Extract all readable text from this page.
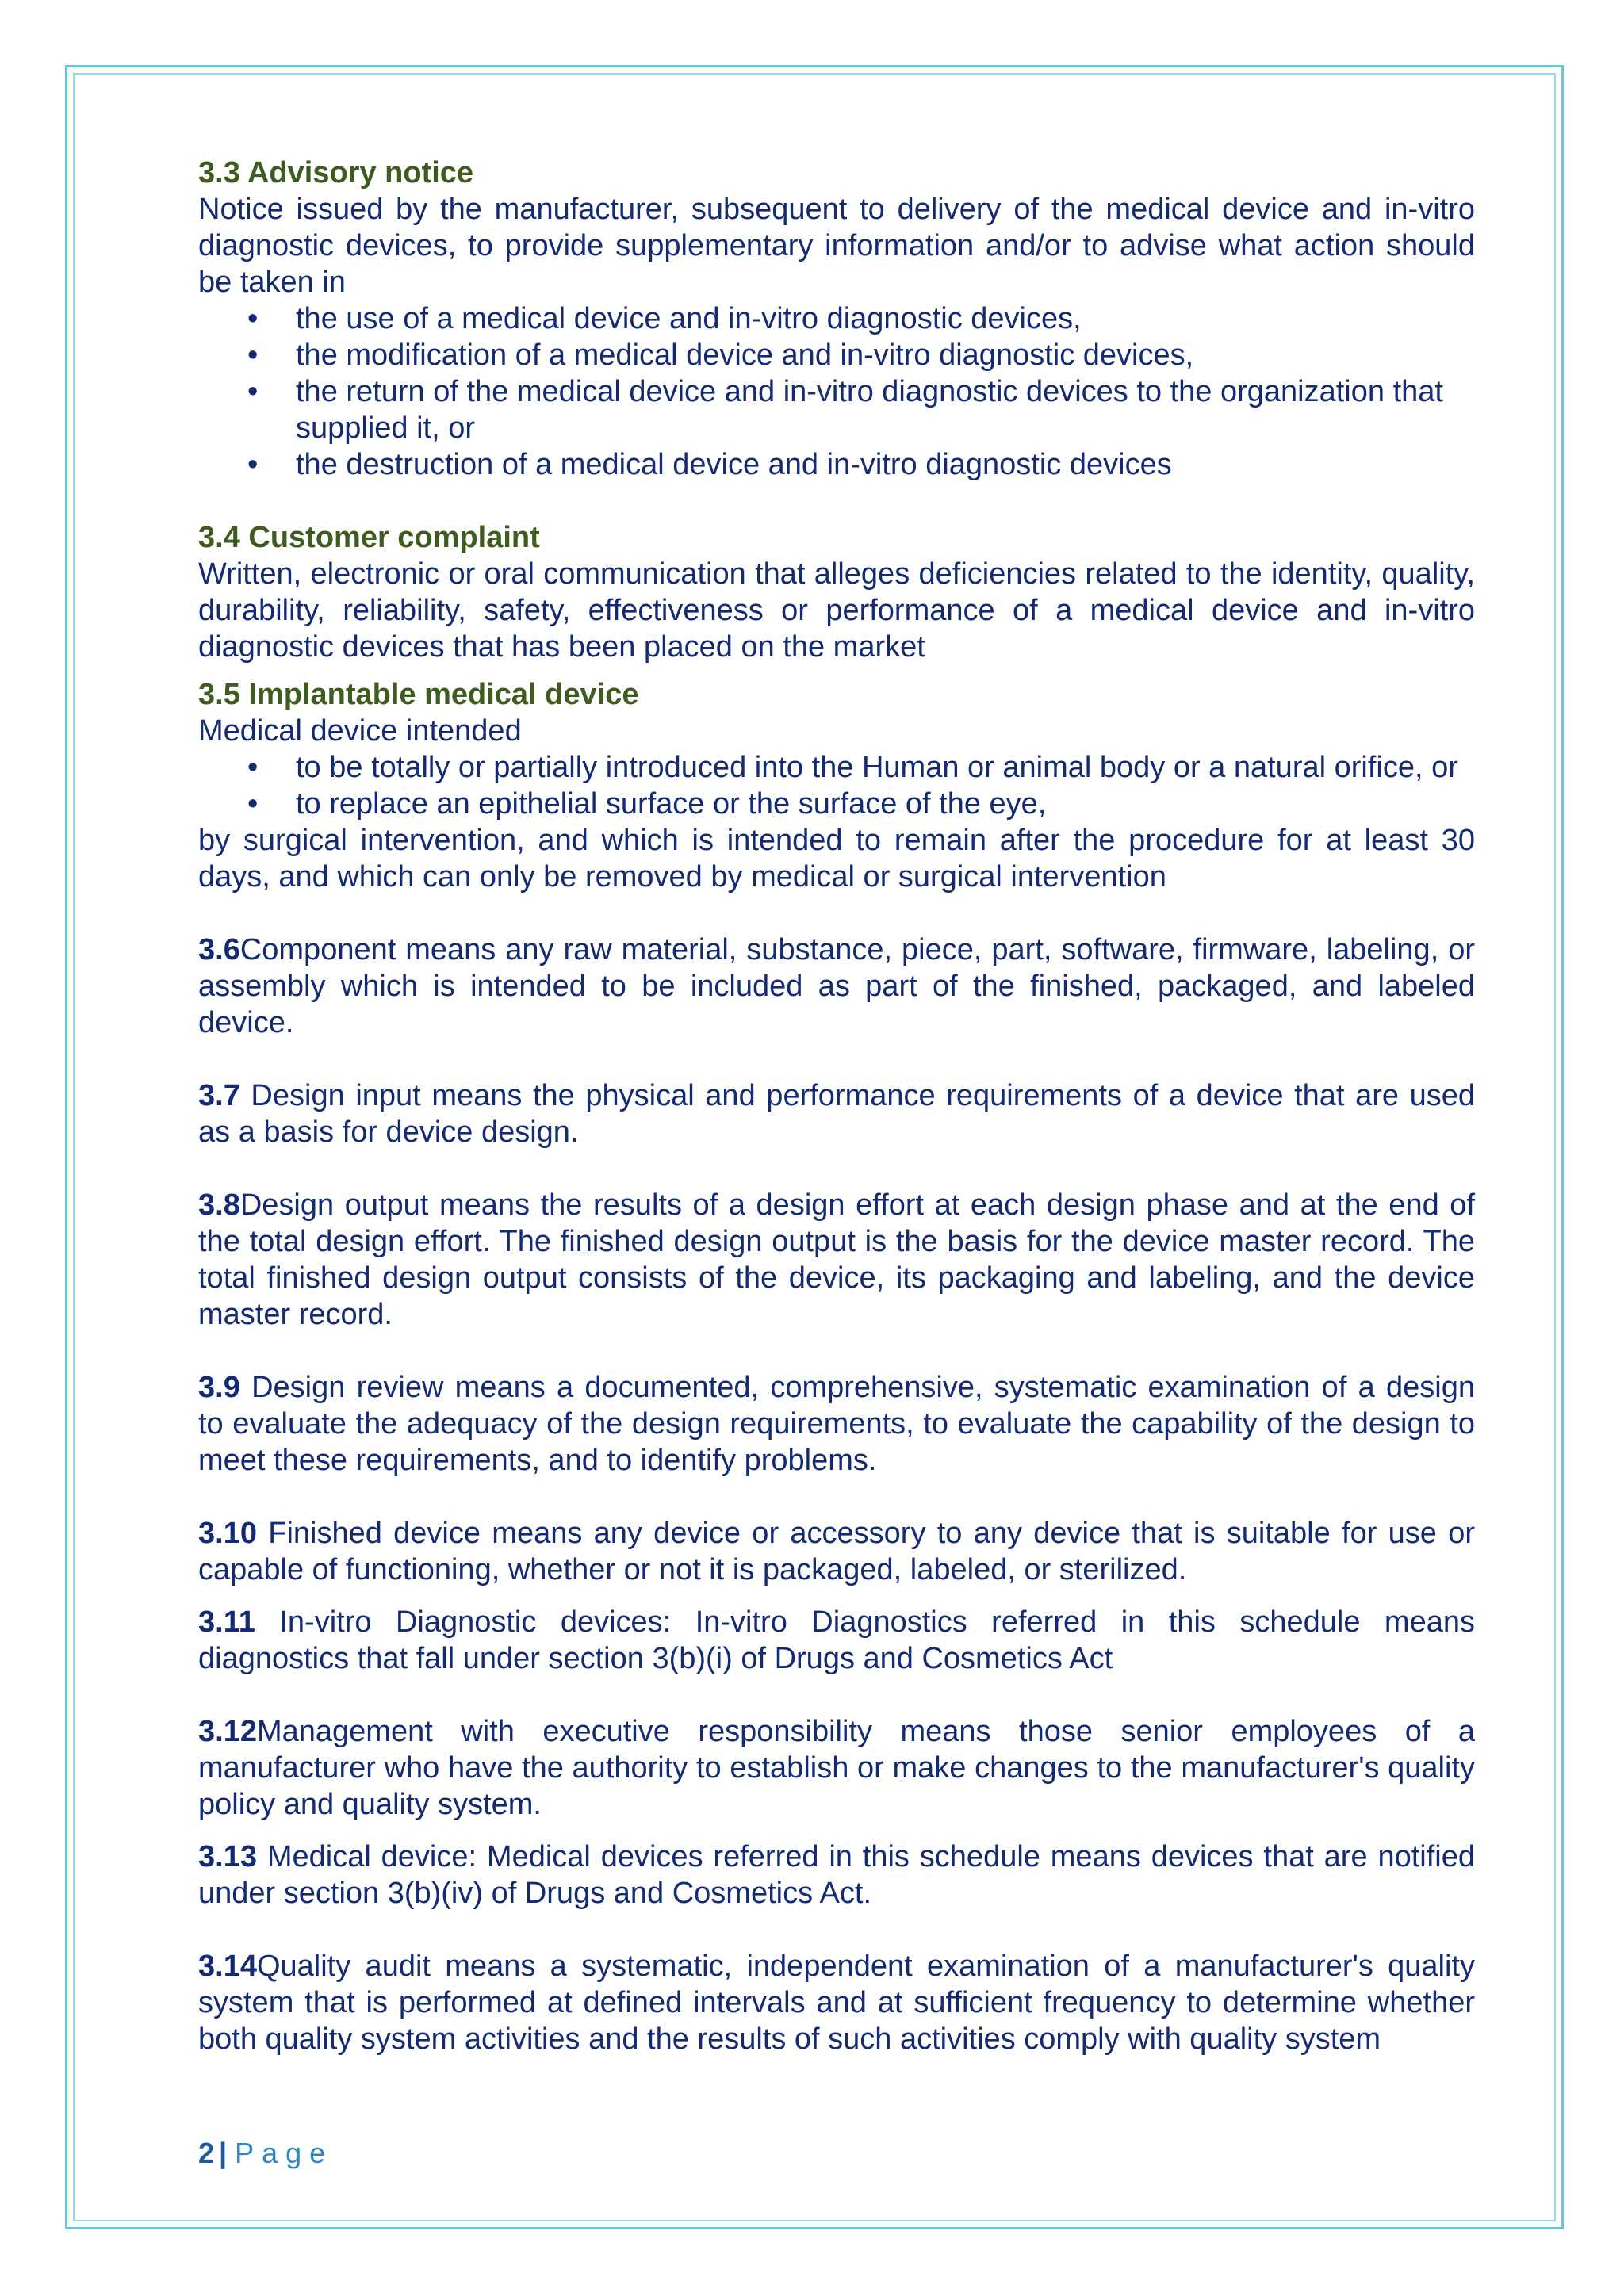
3.3 Advisory notice

Notice issued by the manufacturer, subsequent to delivery of the medical device and in-vitro diagnostic devices, to provide supplementary information and/or to advise what action should be taken in

• the use of a medical device and in-vitro diagnostic devices,
• the modification of a medical device and in-vitro diagnostic devices,
• the return of the medical device and in-vitro diagnostic devices to the organization that supplied it, or
• the destruction of a medical device and in-vitro diagnostic devices

3.4 Customer complaint

Written, electronic or oral communication that alleges deficiencies related to the identity, quality, durability, reliability, safety, effectiveness or performance of a medical device and in-vitro diagnostic devices that has been placed on the market

3.5 Implantable medical device

Medical device intended

• to be totally or partially introduced into the Human or animal body or a natural orifice, or
• to replace an epithelial surface or the surface of the eye,

by surgical intervention, and which is intended to remain after the procedure for at least 30 days, and which can only be removed by medical or surgical intervention

3.6Component means any raw material, substance, piece, part, software, firmware, labeling, or assembly which is intended to be included as part of the finished, packaged, and labeled device.

3.7 Design input means the physical and performance requirements of a device that are used as a basis for device design.

3.8Design output means the results of a design effort at each design phase and at the end of the total design effort. The finished design output is the basis for the device master record. The total finished design output consists of the device, its packaging and labeling, and the device master record.

3.9 Design review means a documented, comprehensive, systematic examination of a design to evaluate the adequacy of the design requirements, to evaluate the capability of the design to meet these requirements, and to identify problems.

3.10 Finished device means any device or accessory to any device that is suitable for use or capable of functioning, whether or not it is packaged, labeled, or sterilized.

3.11 In-vitro Diagnostic devices: In-vitro Diagnostics referred in this schedule means diagnostics that fall under section 3(b)(i) of Drugs and Cosmetics Act

3.12Management with executive responsibility means those senior employees of a manufacturer who have the authority to establish or make changes to the manufacturer's quality policy and quality system.

3.13 Medical device: Medical devices referred in this schedule means devices that are notified under section 3(b)(iv) of Drugs and Cosmetics Act.

3.14Quality audit means a systematic, independent examination of a manufacturer's quality system that is performed at defined intervals and at sufficient frequency to determine whether both quality system activities and the results of such activities comply with quality system

2 | Page
